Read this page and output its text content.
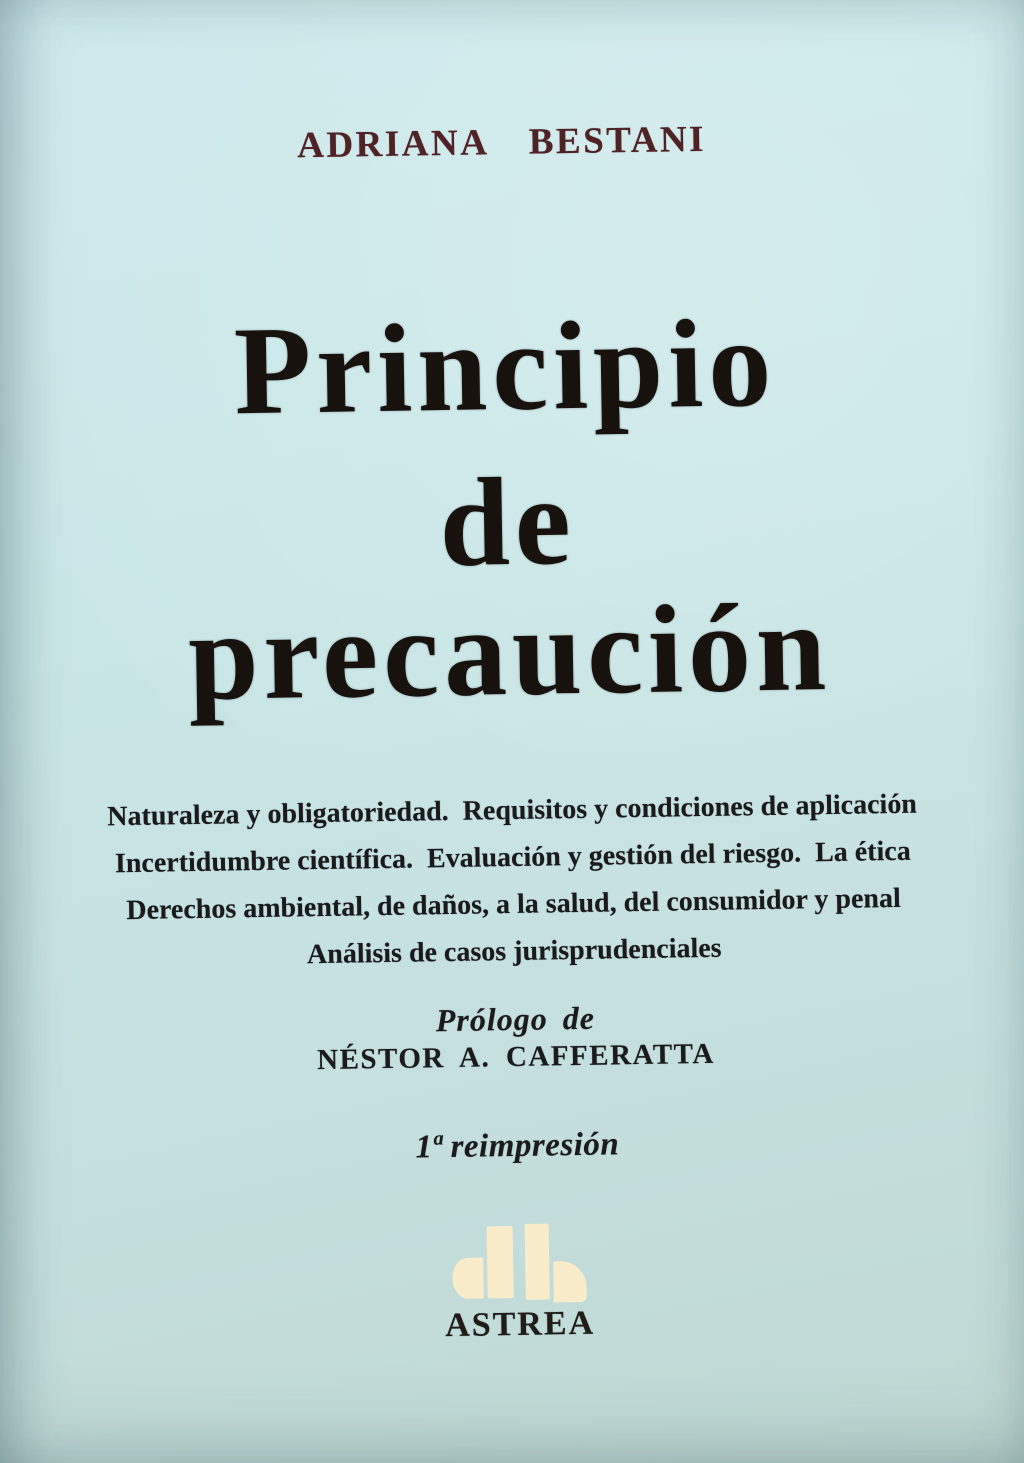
ADRIANA  BESTANI
Principio
de
precaución
Naturaleza y obligatoriedad.  Requisitos y condiciones de aplicación
Incertidumbre científica.  Evaluación y gestión del riesgo.  La ética
Derechos ambiental, de daños, a la salud, del consumidor y penal
Análisis de casos jurisprudenciales
Prólogo de
NÉSTOR A. CAFFERATTA
1ª reimpresión
ASTREA
